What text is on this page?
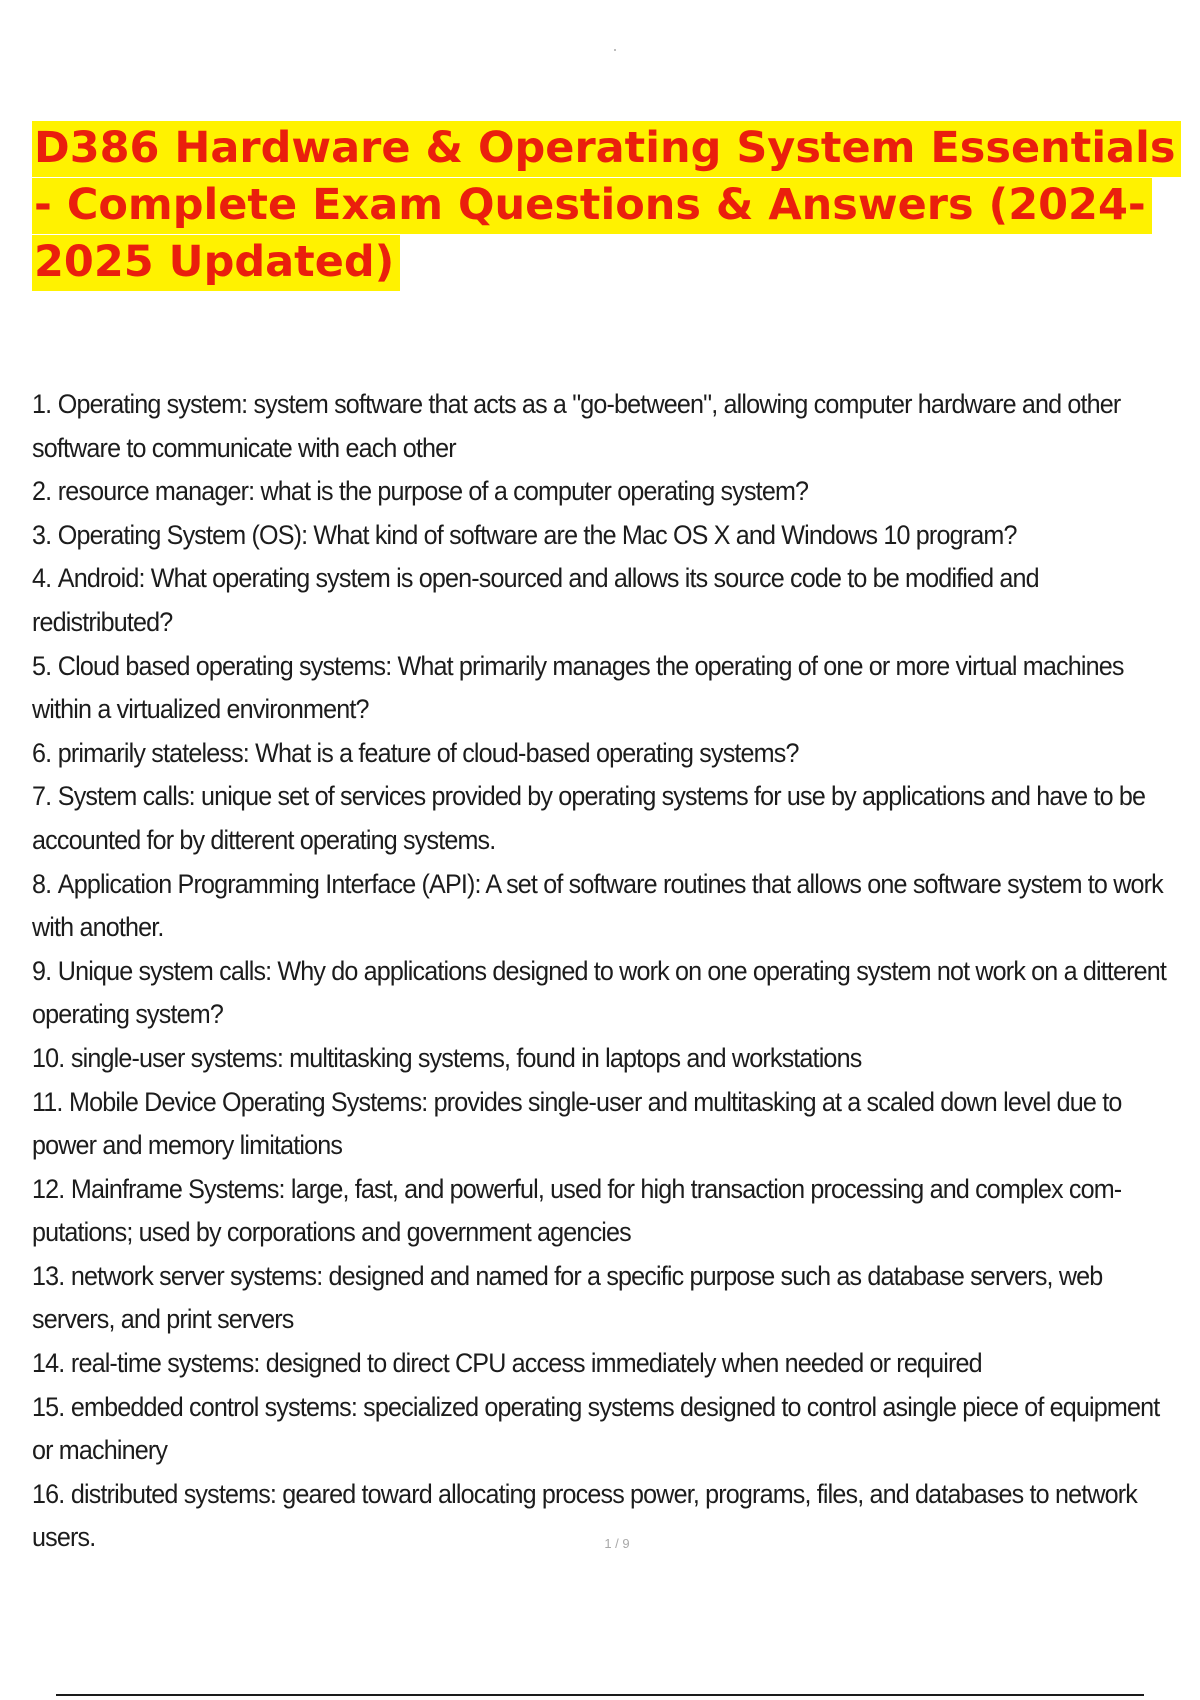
D386 Hardware & Operating System Essentials - Complete Exam Questions & Answers (2024-2025 Updated)
1. Operating system: system software that acts as a "go-between", allowing computer hardware and other software to communicate with each other
2. resource manager: what is the purpose of a computer operating system?
3. Operating System (OS): What kind of software are the Mac OS X and Windows 10 program?
4. Android: What operating system is open-sourced and allows its source code to be modified and redistributed?
5. Cloud based operating systems: What primarily manages the operating of one or more virtual machines within a virtualized environment?
6. primarily stateless: What is a feature of cloud-based operating systems?
7. System calls: unique set of services provided by operating systems for use by applications and have to be accounted for by ditterent operating systems.
8. Application Programming Interface (API): A set of software routines that allows one software system to work with another.
9. Unique system calls: Why do applications designed to work on one operating system not work on a ditterent operating system?
10. single-user systems: multitasking systems, found in laptops and workstations
11. Mobile Device Operating Systems: provides single-user and multitasking at a scaled down level due to power and memory limitations
12. Mainframe Systems: large, fast, and powerful, used for high transaction processing and complex com- putations; used by corporations and government agencies
13. network server systems: designed and named for a specific purpose such as database servers, web servers, and print servers
14. real-time systems: designed to direct CPU access immediately when needed or required
15. embedded control systems: specialized operating systems designed to control asingle piece of equipment or machinery
16. distributed systems: geared toward allocating process power, programs, files, and databases to network users.	1 / 9
